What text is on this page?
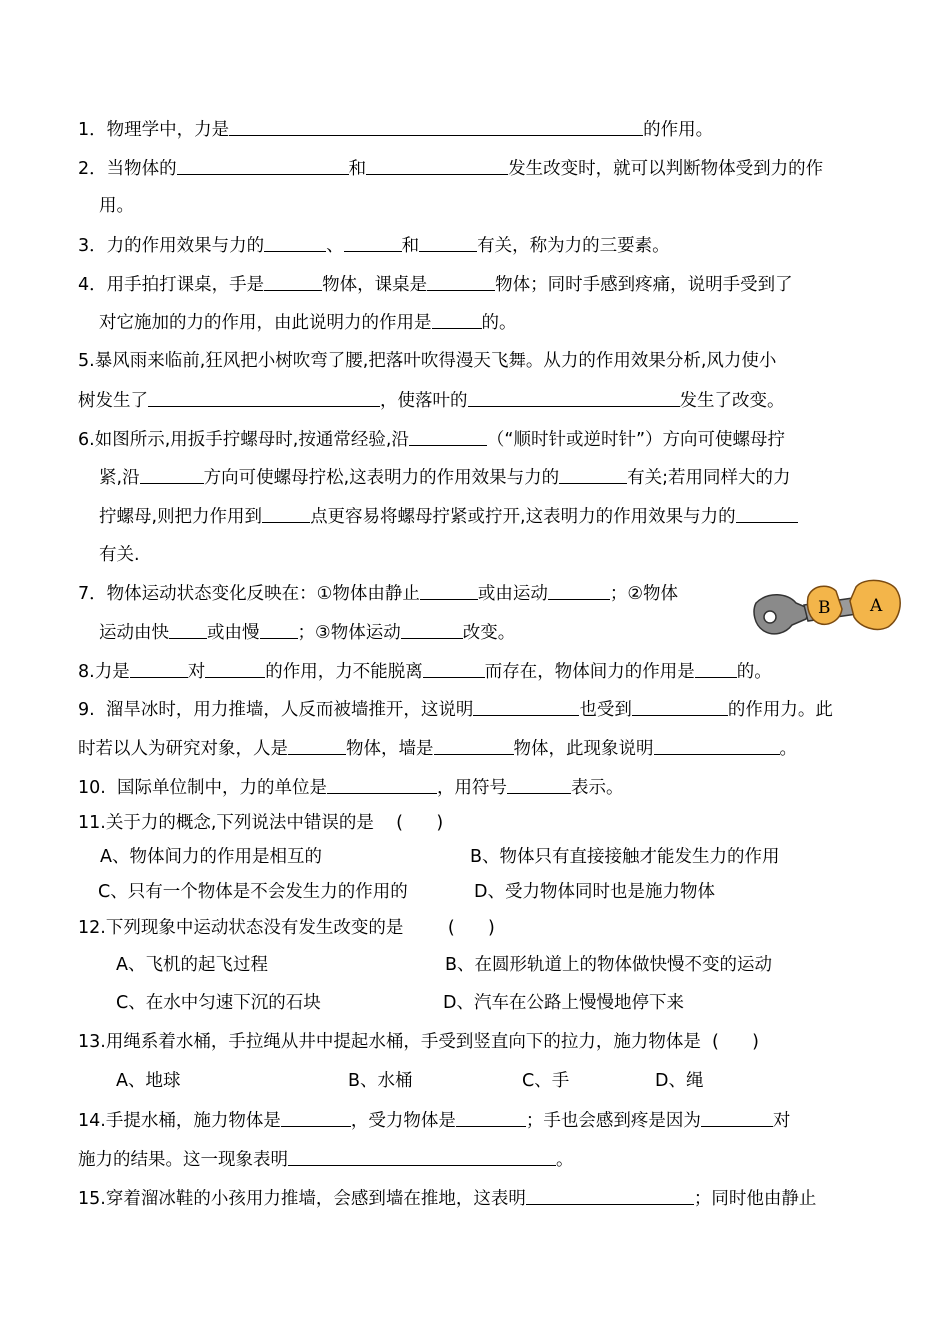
1．物理学中，力是	的作用。
2．当物体的	和	发生改变时，就可以判断物体受到力的作
用。
3．力的作用效果与力的	、	和	有关，称为力的三要素。
4．用手拍打课桌，手是	物体，课桌是	物体；同时手感到疼痛，说明手受到了
对它施加的力的作用，由此说明力的作用是	的。
5.暴风雨来临前,狂风把小树吹弯了腰,把落叶吹得漫天飞舞。从力的作用效果分析,风力使小
树发生了	，使落叶的	发生了改变。
6.如图所示,用扳手拧螺母时,按通常经验,沿	（“顺时针或逆时针”）方向可使螺母拧
紧,沿	方向可使螺母拧松,这表明力的作用效果与力的	有关;若用同样大的力
拧螺母,则把力作用到	点更容易将螺母拧紧或拧开,这表明力的作用效果与力的
有关.
7．物体运动状态变化反映在：①物体由静止	或由运动	；②物体
运动由快 或由慢 ；③物体运动	改变。
B A
8.力是	对	的作用，力不能脱离	而存在，物体间力的作用是 的。
9.  溜旱冰时，用力推墙，人反而被墙推开，这说明	也受到	的作用力。此
时若以人为研究对象，人是	物体，墙是	物体，此现象说明	。
10.  国际单位制中，力的单位是	，用符号	表示。
11.关于力的概念,下列说法中错误的是    (      )
A、物体间力的作用是相互的	B、物体只有直接接触才能发生力的作用
C、只有一个物体是不会发生力的作用的	D、受力物体同时也是施力物体
12.下列现象中运动状态没有发生改变的是        (      )
A、飞机的起飞过程	B、在圆形轨道上的物体做快慢不变的运动
C、在水中匀速下沉的石块	D、汽车在公路上慢慢地停下来
13.用绳系着水桶，手拉绳从井中提起水桶，手受到竖直向下的拉力，施力物体是  (      )
A、地球	B、水桶	C、手	D、绳
14.手提水桶，施力物体是	，受力物体是	；手也会感到疼是因为	对
施力的结果。这一现象表明	。
15.穿着溜冰鞋的小孩用力推墙，会感到墙在推地，这表明	；同时他由静止
